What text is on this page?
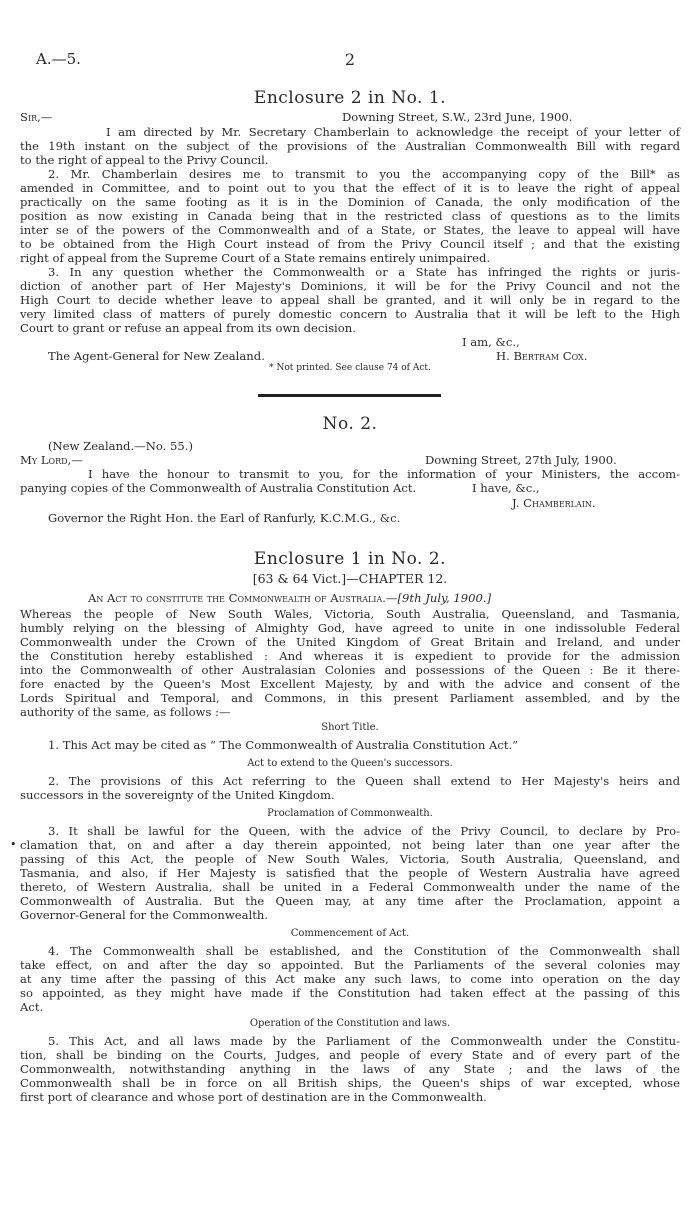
A.—5.	2
Enclosure 2 in No. 1.
Sir,—	Downing Street, S.W., 23rd June, 1900.
I am directed by Mr. Secretary Chamberlain to acknowledge the receipt of your letter of
the 19th instant on the subject of the provisions of the Australian Commonwealth Bill with regard
to the right of appeal to the Privy Council.
2. Mr. Chamberlain desires me to transmit to you the accompanying copy of the Bill* as
amended in Committee, and to point out to you that the effect of it is to leave the right of appeal
practically on the same footing as it is in the Dominion of Canada, the only modification of the
position as now existing in Canada being that in the restricted class of questions as to the limits
inter se of the powers of the Commonwealth and of a State, or States, the leave to appeal will have
to be obtained from the High Court instead of from the Privy Council itself ; and that the existing
right of appeal from the Supreme Court of a State remains entirely unimpaired.
3. In any question whether the Commonwealth or a State has infringed the rights or juris-
diction of another part of Her Majesty's Dominions, it will be for the Privy Council and not the
High Court to decide whether leave to appeal shall be granted, and it will only be in regard to the
very limited class of matters of purely domestic concern to Australia that it will be left to the High
Court to grant or refuse an appeal from its own decision.
I am, &c.,
The Agent-General for New Zealand.	H. Bertram Cox.
* Not printed. See clause 74 of Act.
No. 2.
(New Zealand.—No. 55.)
My Lord,—	Downing Street, 27th July, 1900.
I have the honour to transmit to you, for the information of your Ministers, the accom-
panying copies of the Commonwealth of Australia Constitution Act.	I have, &c.,
J. Chamberlain.
Governor the Right Hon. the Earl of Ranfurly, K.C.M.G., &c.
Enclosure 1 in No. 2.
[63 & 64 Vict.]—CHAPTER 12.
An Act to constitute the Commonwealth of Australia.—[9th July, 1900.]
Whereas the people of New South Wales, Victoria, South Australia, Queensland, and Tasmania,
humbly relying on the blessing of Almighty God, have agreed to unite in one indissoluble Federal
Commonwealth under the Crown of the United Kingdom of Great Britain and Ireland, and under
the Constitution hereby established : And whereas it is expedient to provide for the admission
into the Commonwealth of other Australasian Colonies and possessions of the Queen : Be it there-
fore enacted by the Queen's Most Excellent Majesty, by and with the advice and consent of the
Lords Spiritual and Temporal, and Commons, in this present Parliament assembled, and by the
authority of the same, as follows :—
Short Title.
1. This Act may be cited as “ The Commonwealth of Australia Constitution Act.”
Act to extend to the Queen's successors.
2. The provisions of this Act referring to the Queen shall extend to Her Majesty's heirs and
successors in the sovereignty of the United Kingdom.
Proclamation of Commonwealth.
3. It shall be lawful for the Queen, with the advice of the Privy Council, to declare by Pro-
• clamation that, on and after a day therein appointed, not being later than one year after the
passing of this Act, the people of New South Wales, Victoria, South Australia, Queensland, and
Tasmania, and also, if Her Majesty is satisfied that the people of Western Australia have agreed
thereto, of Western Australia, shall be united in a Federal Commonwealth under the name of the
Commonwealth of Australia. But the Queen may, at any time after the Proclamation, appoint a
Governor-General for the Commonwealth.
Commencement of Act.
4. The Commonwealth shall be established, and the Constitution of the Commonwealth shall
take effect, on and after the day so appointed. But the Parliaments of the several colonies may
at any time after the passing of this Act make any such laws, to come into operation on the day
so appointed, as they might have made if the Constitution had taken effect at the passing of this
Act.
Operation of the Constitution and laws.
5. This Act, and all laws made by the Parliament of the Commonwealth under the Constitu-
tion, shall be binding on the Courts, Judges, and people of every State and of every part of the
Commonwealth, notwithstanding anything in the laws of any State ; and the laws of the
Commonwealth shall be in force on all British ships, the Queen's ships of war excepted, whose
first port of clearance and whose port of destination are in the Commonwealth.
